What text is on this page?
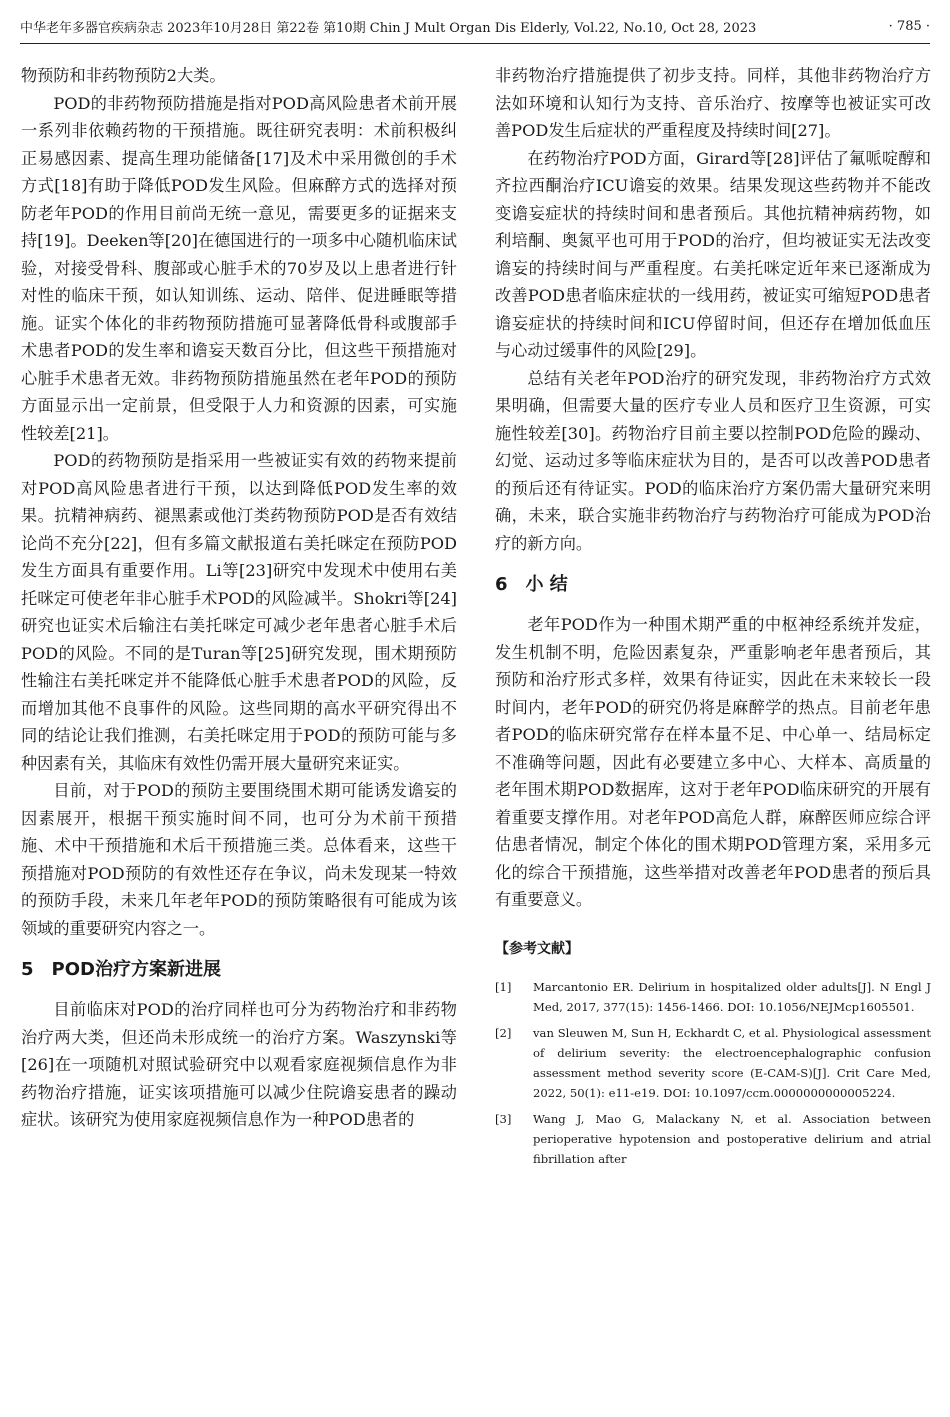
中华老年多器官疾病杂志 2023年10月28日 第22卷 第10期 Chin J Mult Organ Dis Elderly, Vol.22, No.10, Oct 28, 2023	· 785 ·

物预防和非药物预防2大类。

POD的非药物预防措施是指对POD高风险患者术前开展一系列非依赖药物的干预措施。既往研究表明：术前积极纠正易感因素、提高生理功能储备[17]及术中采用微创的手术方式[18]有助于降低POD发生风险。但麻醉方式的选择对预防老年POD的作用目前尚无统一意见，需要更多的证据来支持[19]。Deeken等[20]在德国进行的一项多中心随机临床试验，对接受骨科、腹部或心脏手术的70岁及以上患者进行针对性的临床干预，如认知训练、运动、陪伴、促进睡眠等措施。证实个体化的非药物预防措施可显著降低骨科或腹部手术患者POD的发生率和谵妄天数百分比，但这些干预措施对心脏手术患者无效。非药物预防措施虽然在老年POD的预防方面显示出一定前景，但受限于人力和资源的因素，可实施性较差[21]。

POD的药物预防是指采用一些被证实有效的药物来提前对POD高风险患者进行干预，以达到降低POD发生率的效果。抗精神病药、褪黑素或他汀类药物预防POD是否有效结论尚不充分[22]，但有多篇文献报道右美托咪定在预防POD发生方面具有重要作用。Li等[23]研究中发现术中使用右美托咪定可使老年非心脏手术POD的风险减半。Shokri等[24]研究也证实术后输注右美托咪定可减少老年患者心脏手术后POD的风险。不同的是Turan等[25]研究发现，围术期预防性输注右美托咪定并不能降低心脏手术患者POD的风险，反而增加其他不良事件的风险。这些同期的高水平研究得出不同的结论让我们推测，右美托咪定用于POD的预防可能与多种因素有关，其临床有效性仍需开展大量研究来证实。

目前，对于POD的预防主要围绕围术期可能诱发谵妄的因素展开，根据干预实施时间不同，也可分为术前干预措施、术中干预措施和术后干预措施三类。总体看来，这些干预措施对POD预防的有效性还存在争议，尚未发现某一特效的预防手段，未来几年老年POD的预防策略很有可能成为该领域的重要研究内容之一。

5 POD治疗方案新进展

目前临床对POD的治疗同样也可分为药物治疗和非药物治疗两大类，但还尚未形成统一的治疗方案。Waszynski等[26]在一项随机对照试验研究中以观看家庭视频信息作为非药物治疗措施，证实该项措施可以减少住院谵妄患者的躁动症状。该研究为使用家庭视频信息作为一种POD患者的

非药物治疗措施提供了初步支持。同样，其他非药物治疗方法如环境和认知行为支持、音乐治疗、按摩等也被证实可改善POD发生后症状的严重程度及持续时间[27]。

在药物治疗POD方面，Girard等[28]评估了氟哌啶醇和齐拉西酮治疗ICU谵妄的效果。结果发现这些药物并不能改变谵妄症状的持续时间和患者预后。其他抗精神病药物，如利培酮、奥氮平也可用于POD的治疗，但均被证实无法改变谵妄的持续时间与严重程度。右美托咪定近年来已逐渐成为改善POD患者临床症状的一线用药，被证实可缩短POD患者谵妄症状的持续时间和ICU停留时间，但还存在增加低血压与心动过缓事件的风险[29]。

总结有关老年POD治疗的研究发现，非药物治疗方式效果明确，但需要大量的医疗专业人员和医疗卫生资源，可实施性较差[30]。药物治疗目前主要以控制POD危险的躁动、幻觉、运动过多等临床症状为目的，是否可以改善POD患者的预后还有待证实。POD的临床治疗方案仍需大量研究来明确，未来，联合实施非药物治疗与药物治疗可能成为POD治疗的新方向。

6 小 结

老年POD作为一种围术期严重的中枢神经系统并发症，发生机制不明，危险因素复杂，严重影响老年患者预后，其预防和治疗形式多样，效果有待证实，因此在未来较长一段时间内，老年POD的研究仍将是麻醉学的热点。目前老年患者POD的临床研究常存在样本量不足、中心单一、结局标定不准确等问题，因此有必要建立多中心、大样本、高质量的老年围术期POD数据库，这对于老年POD临床研究的开展有着重要支撑作用。对老年POD高危人群，麻醉医师应综合评估患者情况，制定个体化的围术期POD管理方案，采用多元化的综合干预措施，这些举措对改善老年POD患者的预后具有重要意义。

【参考文献】
[1]	Marcantonio ER. Delirium in hospitalized older adults[J]. N Engl J Med, 2017, 377(15): 1456-1466. DOI: 10.1056/NEJMcp1605501.
[2]	van Sleuwen M, Sun H, Eckhardt C, et al. Physiological assessment of delirium severity: the electroencephalographic confusion assessment method severity score (E-CAM-S)[J]. Crit Care Med, 2022, 50(1): e11-e19. DOI: 10.1097/ccm.0000000000005224.
[3]	Wang J, Mao G, Malackany N, et al. Association between perioperative hypotension and postoperative delirium and atrial fibrillation after
